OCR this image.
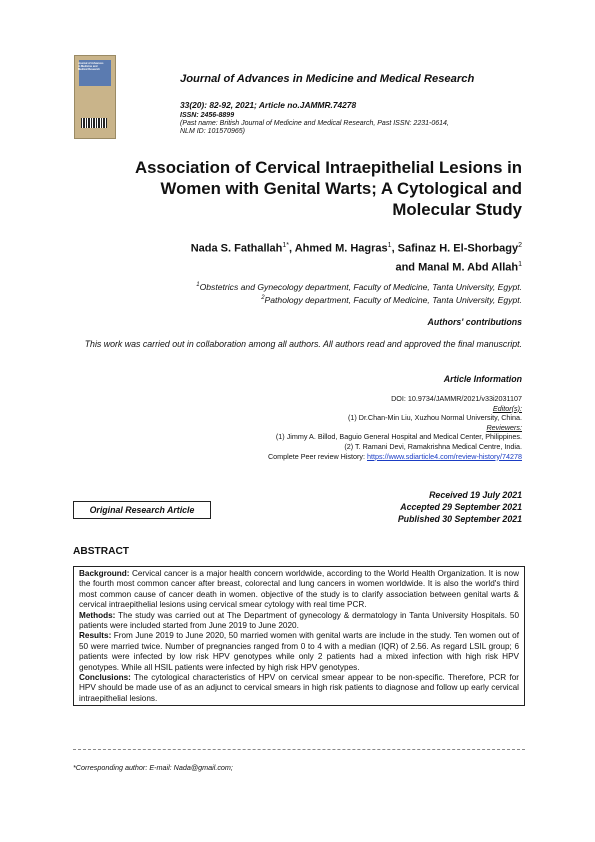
Journal of Advances
in Medicine and
Medical Research
Journal of Advances in Medicine and Medical Research
33(20): 82-92, 2021; Article no.JAMMR.74278
ISSN: 2456-8899
(Past name: British Journal of Medicine and Medical Research, Past ISSN: 2231-0614,
NLM ID: 101570965)
Association of Cervical Intraepithelial Lesions in
Women with Genital Warts; A Cytological and
Molecular Study
Nada S. Fathallah$^{1*}$, Ahmed M. Hagras$^1$, Safinaz H. El-Shorbagy$^2$
and Manal M. Abd Allah$^1$
$^1$Obstetrics and Gynecology department, Faculty of Medicine, Tanta University, Egypt.
$^2$Pathology department, Faculty of Medicine, Tanta University, Egypt.
Authors' contributions
This work was carried out in collaboration among all authors. All authors read and approved the final manuscript.
Article Information
DOI: 10.9734/JAMMR/2021/v33i2031107
Editor(s):
(1) Dr.Chan-Min Liu, Xuzhou Normal University, China.
Reviewers:
(1) Jimmy A. Billod, Baguio General Hospital and Medical Center, Philippines.
(2) T. Ramani Devi, Ramakrishna Medical Centre, India.
Complete Peer review History: https://www.sdiarticle4.com/review-history/74278
Original Research Article
Received 19 July 2021
Accepted 29 September 2021
Published 30 September 2021
ABSTRACT

Background: Cervical cancer is a major health concern worldwide, according to the World Health Organization. It is now the fourth most common cancer after breast, colorectal and lung cancers in women worldwide. It is also the world's third most common cause of cancer death in women. objective of the study is to clarify association between genital warts & cervical intraepithelial lesions using cervical smear cytology with real time PCR.

Methods: The study was carried out at The Department of gynecology & dermatology in Tanta University Hospitals. 50 patients were included started from June 2019 to June 2020.

Results: From June 2019 to June 2020, 50 married women with genital warts are include in the study. Ten women out of 50 were married twice. Number of pregnancies ranged from 0 to 4 with a median (IQR) of 2.56. As regard LSIL group; 6 patients were infected by low risk HPV genotypes while only 2 patients had a mixed infection with high risk HPV genotypes. While all HSIL patients were infected by high risk HPV genotypes.

Conclusions: The cytological characteristics of HPV on cervical smear appear to be non-specific. Therefore, PCR for HPV should be made use of as an adjunct to cervical smears in high risk patients to diagnose and follow up early cervical intraepithelial lesions.

*Corresponding author: E-mail: Nada@gmail.com;
